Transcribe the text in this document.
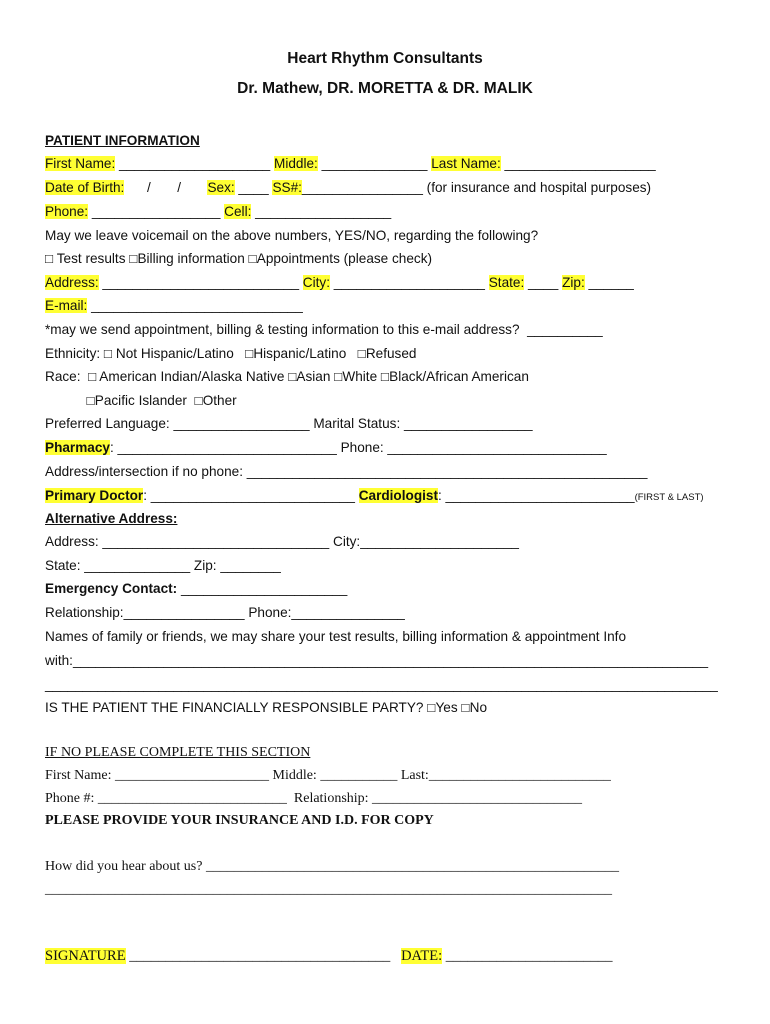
Heart Rhythm Consultants
Dr. Mathew, DR. MORETTA & DR. MALIK
PATIENT INFORMATION
First Name: ____________________ Middle: ______________ Last Name: ____________________
Date of Birth:      /       /       Sex: ____ SS#:________________ (for insurance and hospital purposes)
Phone: _________________ Cell: __________________
May we leave voicemail on the above numbers, YES/NO, regarding the following?
□ Test results □Billing information □Appointments (please check)
Address: __________________________ City: ____________________ State: ____ Zip: ______
E-mail: ____________________________
*may we send appointment, billing & testing information to this e-mail address?  __________
Ethnicity: □ Not Hispanic/Latino   □Hispanic/Latino   □Refused
Race:  □ American Indian/Alaska Native □Asian □White □Black/African American
□Pacific Islander  □Other
Preferred Language: __________________ Marital Status: _________________
Pharmacy: _____________________________ Phone: _____________________________
Address/intersection if no phone: _____________________________________________________
Primary Doctor: ___________________________ Cardiologist: _________________________(FIRST & LAST)
Alternative Address:
Address: ______________________________ City:_____________________
State: ______________ Zip: ________
Emergency Contact: ______________________
Relationship:________________ Phone:_______________
Names of family or friends, we may share your test results, billing information & appointment Info
with:____________________________________________________________________________________
_________________________________________________________________________________________
IS THE PATIENT THE FINANCIALLY RESPONSIBLE PARTY? □Yes □No
IF NO PLEASE COMPLETE THIS SECTION
First Name: ______________________ Middle: ___________ Last:__________________________
Phone #: ___________________________  Relationship: ______________________________
PLEASE PROVIDE YOUR INSURANCE AND I.D. FOR COPY
How did you hear about us? ___________________________________________________________
_________________________________________________________________________________
SIGNATURE ____________________________________   DATE: _______________________
